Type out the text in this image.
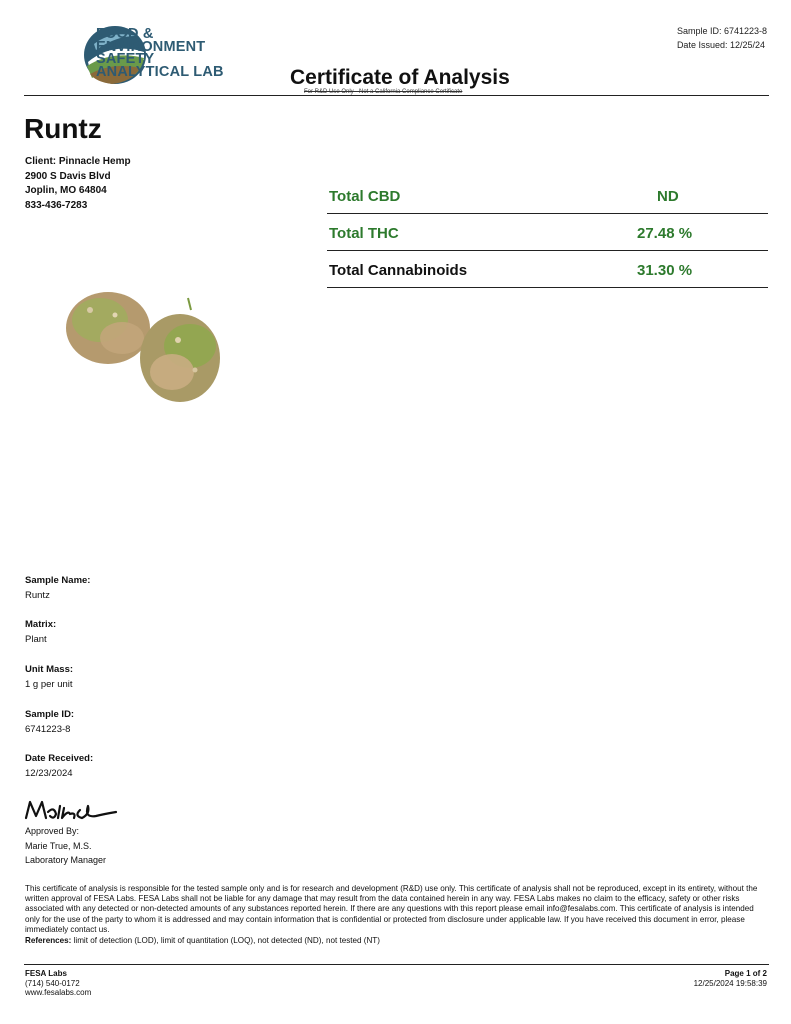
FOOD &
ENVIRONMENT
SAFETY
ANALYTICAL LAB
Sample ID: 6741223-8
Date Issued: 12/25/24
Certificate of Analysis
For R&D Use Only - Not a California Compliance Certificate
Runtz
Client: Pinnacle Hemp
2900 S Davis Blvd
Joplin, MO 64804
833-436-7283	Total CBD	ND
Total THC	27.48 %
Total Cannabinoids	31.30 %
Sample Name:
Runtz
Matrix:
Plant
Unit Mass:
1 g per unit
Sample ID:
6741223-8
Date Received:
12/23/2024
Approved By:
Marie True, M.S.
Laboratory Manager
This certificate of analysis is responsible for the tested sample only and is for research and development (R&D) use only. This certificate of analysis shall not be reproduced, except in its entirety, without the written approval of FESA Labs. FESA Labs shall not be liable for any damage that may result from the data contained herein in any way. FESA Labs makes no claim to the efficacy, safety or other risks associated with any detected or non-detected amounts of any substances reported herein. If there are any questions with this report please email info@fesalabs.com. This certificate of analysis is intended only for the use of the party to whom it is addressed and may contain information that is confidential or protected from disclosure under applicable law. If you have received this document in error, please immediately contact us.
References: limit of detection (LOD), limit of quantitation (LOQ), not detected (ND), not tested (NT)
FESA Labs
(714) 540-0172
www.fesalabs.com
Page 1 of 2
12/25/2024 19:58:39
